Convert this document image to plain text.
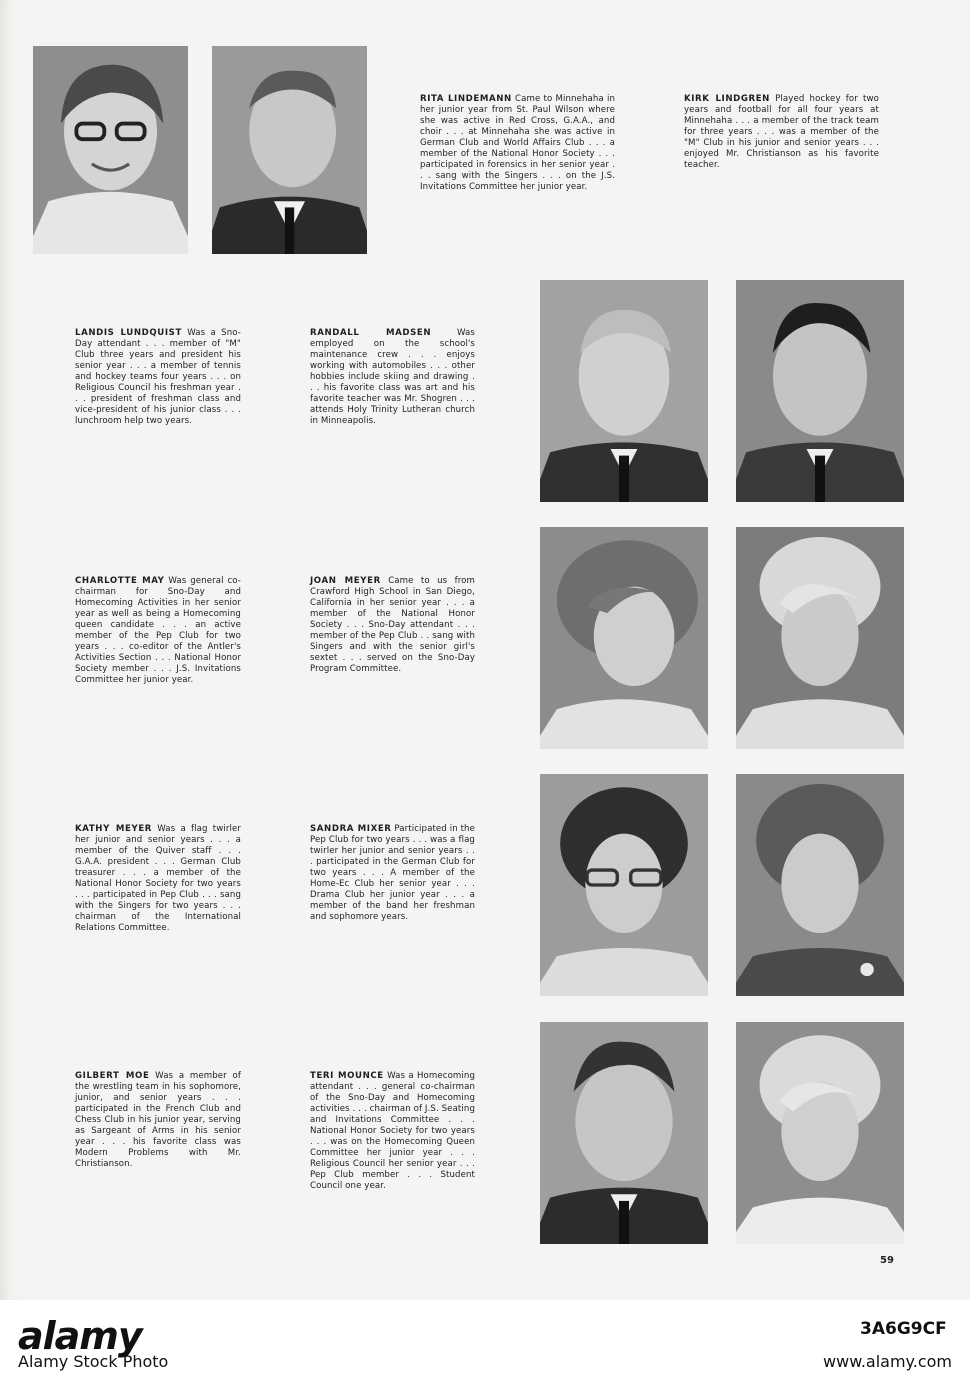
RITA LINDEMANN Came to Minnehaha in her junior year from St. Paul Wilson where she was active in Red Cross, G.A.A., and choir . . . at Minnehaha she was active in German Club and World Affairs Club . . . a member of the National Honor Society . . . participated in forensics in her senior year . . . sang with the Singers . . . on the J.S. Invitations Committee her junior year.
KIRK LINDGREN Played hockey for two years and football for all four years at Minnehaha . . . a member of the track team for three years . . . was a member of the "M" Club in his junior and senior years . . . enjoyed Mr. Christianson as his favorite teacher.
LANDIS LUNDQUIST Was a Sno-Day attendant . . . member of "M" Club three years and president his senior year . . . a member of tennis and hockey teams four years . . . on Religious Council his freshman year . . . president of freshman class and vice-president of his junior class . . . lunchroom help two years.
RANDALL MADSEN	Was employed on the school's maintenance crew . . . enjoys working with automobiles . . . other hobbies include skiing and drawing . . . his favorite class was art and his favorite teacher was Mr. Shogren . . . attends Holy Trinity Lutheran church in Minneapolis.
CHARLOTTE MAY Was general co-chairman for Sno-Day and Homecoming Activities in her senior year as well as being a Homecoming queen candidate . . . an active member of the Pep Club for two years . . . co-editor of the Antler's Activities Section . . . National Honor Society member . . . J.S. Invitations Committee her junior year.
JOAN MEYER Came to us from Crawford High School in San Diego, California in her senior year . . . a member of the National Honor Society . . . Sno-Day attendant . . . member of the Pep Club . . sang with Singers and with the senior girl's sextet . . . served on the Sno-Day Program Committee.
KATHY MEYER Was a flag twirler her junior and senior years . . . a member of the Quiver staff . . . G.A.A. president . . . German Club treasurer . . . a member of the National Honor Society for two years . . . participated in Pep Club . . . sang with the Singers for two years . . . chairman of the International Relations Committee.
SANDRA MIXER Participated in the Pep Club for two years . . . was a flag twirler her junior and senior years . . . participated in the German Club for two years . . . A member of the Home-Ec Club her senior year . . . Drama Club her junior year . . . a member of the band her freshman and sophomore years.
GILBERT MOE Was a member of the wrestling team in his sophomore, junior, and senior years . . . participated in the French Club and Chess Club in his junior year, serving as Sargeant of Arms in his senior year . . . his favorite class was Modern Problems with Mr. Christianson.
TERI MOUNCE Was a Homecoming attendant . . . general co-chairman of the Sno-Day and Homecoming activities . . . chairman of J.S. Seating and Invitations Committee . . . National Honor Society for two years . . . was on the Homecoming Queen Committee her junior year . . . Religious Council her senior year . . . Pep Club member . . . Student Council one year.
59
alamy	3A6G9CF
Alamy Stock Photo	www.alamy.com
